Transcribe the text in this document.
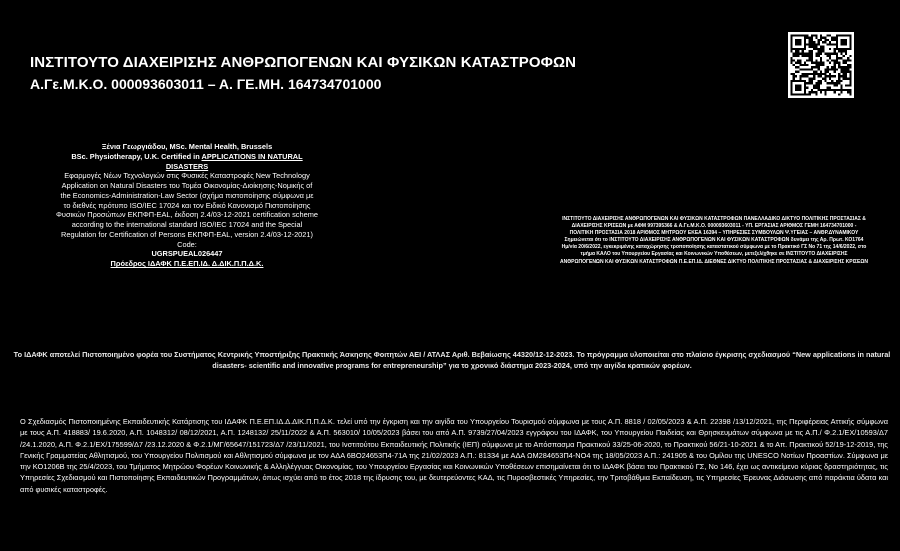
ΙΝΣΤΙΤΟΥΤΟ ΔΙΑΧΕΙΡΙΣΗΣ ΑΝΘΡΩΠΟΓΕΝΩΝ ΚΑΙ ΦΥΣΙΚΩΝ ΚΑΤΑΣΤΡΟΦΩΝ
Α.Γε.Μ.Κ.Ο. 000093603011 – Α. ΓΕ.ΜΗ. 164734701000

Ξένια Γεωργιάδου, MSc. Mental Health, Brussels

BSc. Physiotherapy, U.K. Certified in APPLICATIONS IN NATURAL DISASTERS

Εφαρμογές Νέων Τεχνολογιών στις Φυσικές Καταστροφές New Technology Application on Natural Disasters του Τομέα Οικονομίας-Διοίκησης-Νομικής of the Economics-Administration-Law Sector (σχήμα πιστοποίησης σύμφωνα με το διεθνές πρότυπο ISO/IEC 17024 και τον Ειδικό Κανονισμό Πιστοποίησης Φυσικών Προσώπων ΕΚΠΦΠ-EAL, έκδοση 2.4/03-12-2021 certification scheme according to the international standard ISO/IEC 17024 and the Special Regulation for Certification of Persons ΕΚΠΦΠ-EAL, version 2.4/03-12-2021) Code:

UGRSPUEAL026447

Πρόεδρος ΙΔΑΦΚ Π.Ε.ΕΠ.ΙΔ. Δ.ΔΙΚ.Π.Π.Δ.Κ.

ΙΝΣΤΙΤΟΥΤΟ ΔΙΑΧΕΙΡΙΣΗΣ ΑΝΘΡΩΠΟΓΕΝΩΝ ΚΑΙ ΦΥΣΙΚΩΝ ΚΑΤΑΣΤΡΟΦΩΝ ΠΑΝΕΛΛΑΔΙΚΟ ΔΙΚΤΥΟ ΠΟΛΙΤΙΚΗΣ ΠΡΟΣΤΑΣΙΑΣ & ΔΙΑΧΕΙΡΙΣΗΣ ΚΡΙΣΕΩΝ με ΑΦΜ 997395366 & Α.Γε.Μ.Κ.Ο. 000093603011 - ΥΠ. ΕΡΓΑΣΙΑΣ ΑΡΙΘΜΟΣ ΓΕΜΗ 164734701000 - ΠΟΛΙΤΙΚΗ ΠΡΟΣΤΑΣΙΑ 2018 ΑΡΙΘΜΟΣ ΜΗΤΡΩΟΥ ΕΚΕΑ 16394 – ΥΠΗΡΕΣΙΕΣ ΣΥΜΒΟΥΛΩΝ Ψ.ΥΓΕΙΑΣ – ΑΝΘΡ.ΔΥΝΑΜΙΚΟΥ

Σημειώνεται ότι το ΙΝΣΤΙΤΟΥΤΟ ΔΙΑΧΕΙΡΙΣΗΣ ΑΝΘΡΩΠΟΓΕΝΩΝ ΚΑΙ ΦΥΣΙΚΩΝ ΚΑΤΑΣΤΡΟΦΩΝ δυνάμει της Αρ. Πρωτ. ΚΟ1764 Ημ/νία 20/6/2022, εγκεκριμένης καταχώρησης τροποποίησης καταστατικού σύμφωνα με το Πρακτικό ΓΣ Νο 71 της 14/6/2022, στο τμήμα ΚΑΛΟ του Υπουργείου Εργασίας και Κοινωνικών Υποθέσεων, μετεξελίχθηκε σε ΙΝΣΤΙΤΟΥΤΟ ΔΙΑΧΕΙΡΙΣΗΣ ΑΝΘΡΩΠΟΓΕΝΩΝ ΚΑΙ ΦΥΣΙΚΩΝ ΚΑΤΑΣΤΡΟΦΩΝ Π.Ε.ΕΠ.ΙΔ. ΔΙΕΘΝΕΣ ΔΙΚΤΥΟ ΠΟΛΙΤΙΚΗΣ ΠΡΟΣΤΑΣΙΑΣ & ΔΙΑΧΕΙΡΙΣΗΣ ΚΡΙΣΕΩΝ

Το ΙΔΑΦΚ αποτελεί Πιστοποιημένο φορέα του Συστήματος Κεντρικής Υποστήριξης Πρακτικής Άσκησης Φοιτητών ΑΕΙ / ΑΤΛΑΣ Αριθ. Βεβαίωσης 44320/12-12-2023. Το πρόγραμμα υλοποιείται στο πλαίσιο έγκρισης σχεδιασμού “New applications in natural disasters- scientific and innovative programs for entrepreneurship” για το χρονικό διάστημα 2023-2024, υπό την αιγίδα κρατικών φορέων.

Ο Σχεδιασμός Πιστοποιημένης Εκπαιδευτικής Κατάρτισης του ΙΔΑΦΚ Π.Ε.ΕΠ.ΙΔ.Δ.ΔΙΚ.Π.Π.Δ.Κ. τελεί υπό την έγκριση και την αιγίδα του Υπουργείου Τουρισμού σύμφωνα με τους Α.Π. 8818 / 02/05/2023 & Α.Π. 22398 /13/12/2021, της Περιφέρειας Αττικής σύμφωνα με τους Α.Π. 418883/ 19.6.2020, Α.Π. 1048312/ 08/12/2021, Α.Π. 1248132/ 25/11/2022 & Α.Π. 563010/ 10/05/2023 βάσει του από Α.Π. 9739/27/04/2023 εγγράφου του ΙΔΑΦΚ, του Υπουργείου Παιδείας και Θρησκευμάτων σύμφωνα με τις Α.Π./ Φ.2.1/ΕΧ/10593/Δ7 /24.1.2020, Α.Π. Φ.2.1/ΕΧ/175599/Δ7 /23.12.2020 & Φ.2.1/ΜΓ/65647/151723/Δ7 /23/11/2021, του Ινστιτούτου Εκπαιδευτικής Πολιτικής (ΙΕΠ) σύμφωνα με το Απόσπασμα Πρακτικού 33/25-06-2020, το Πρακτικού 56/21-10-2021 & το Απ. Πρακτικού 52/19-12-2019, της Γενικής Γραμματείας Αθλητισμού, του Υπουργείου Πολιτισμού και Αθλητισμού σύμφωνα με τον ΑΔΑ 6ΒΟ24653Π4-71Α της 21/02/2023 Α.Π.: 81334 με ΑΔΑ ΩΜ284653Π4-ΝΟ4 της 18/05/2023 Α.Π.: 241905 & του Ομίλου της UNESCO Νοτίων Προαστίων. Σύμφωνα με την ΚΟ1206Β της 25/4/2023, του Τμήματος Μητρώου Φορέων Κοινωνικής & Αλληλέγγυας Οικονομίας, του Υπουργείου Εργασίας και Κοινωνικών Υποθέσεων επισημαίνεται ότι το ΙΔΑΦΚ βάσει του Πρακτικού ΓΣ, Νο 146, έχει ως αντικείμενο κύριας δραστηριότητας, τις Υπηρεσίες Σχεδιασμού και Πιστοποίησης Εκπαιδευτικών Προγραμμάτων, όπως ισχύει από το έτος 2018 της ίδρυσης του, με δευτερεύοντες ΚΑΔ, τις Πυροσβεστικές Υπηρεσίες, την Τριτοβάθμια Εκπαίδευση, τις Υπηρεσίες Έρευνας Διάσωσης από παράκτια ύδατα και από φυσικές καταστροφές.
